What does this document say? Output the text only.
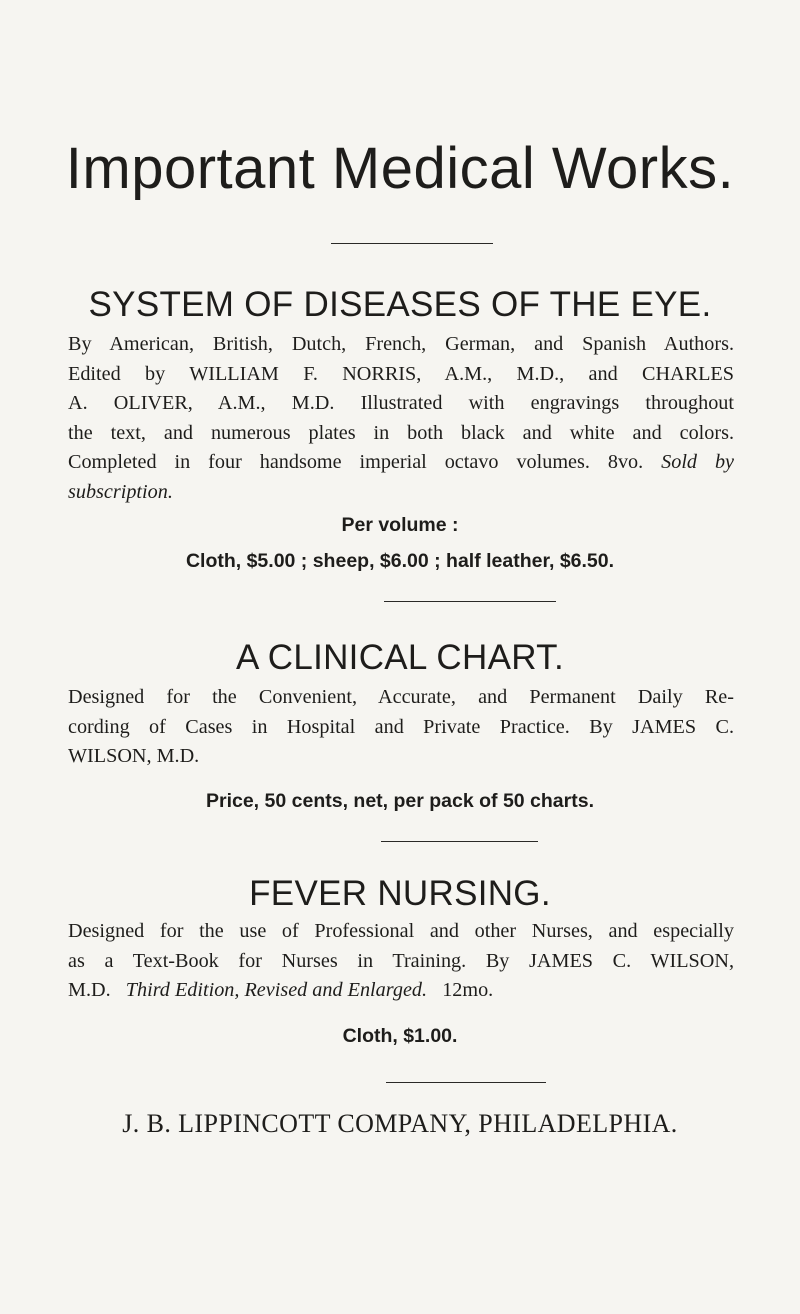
Important Medical Works.
SYSTEM OF DISEASES OF THE EYE.

By American, British, Dutch, French, German, and Spanish Authors.
Edited by WILLIAM F. NORRIS, A.M., M.D., and CHARLES
A. OLIVER, A.M., M.D. Illustrated with engravings throughout
the text, and numerous plates in both black and white and colors.
Completed in four handsome imperial octavo volumes. 8vo. Sold by
subscription.

Per volume :

Cloth, $5.00 ; sheep, $6.00 ; half leather, $6.50.

A CLINICAL CHART.

Designed for the Convenient, Accurate, and Permanent Daily Re-
cording of Cases in Hospital and Private Practice. By JAMES C.
WILSON, M.D.

Price, 50 cents, net, per pack of 50 charts.

FEVER NURSING.

Designed for the use of Professional and other Nurses, and especially
as a Text-Book for Nurses in Training. By JAMES C. WILSON,
M.D. Third Edition, Revised and Enlarged. 12mo.

Cloth, $1.00.

J. B. LIPPINCOTT COMPANY, PHILADELPHIA.
